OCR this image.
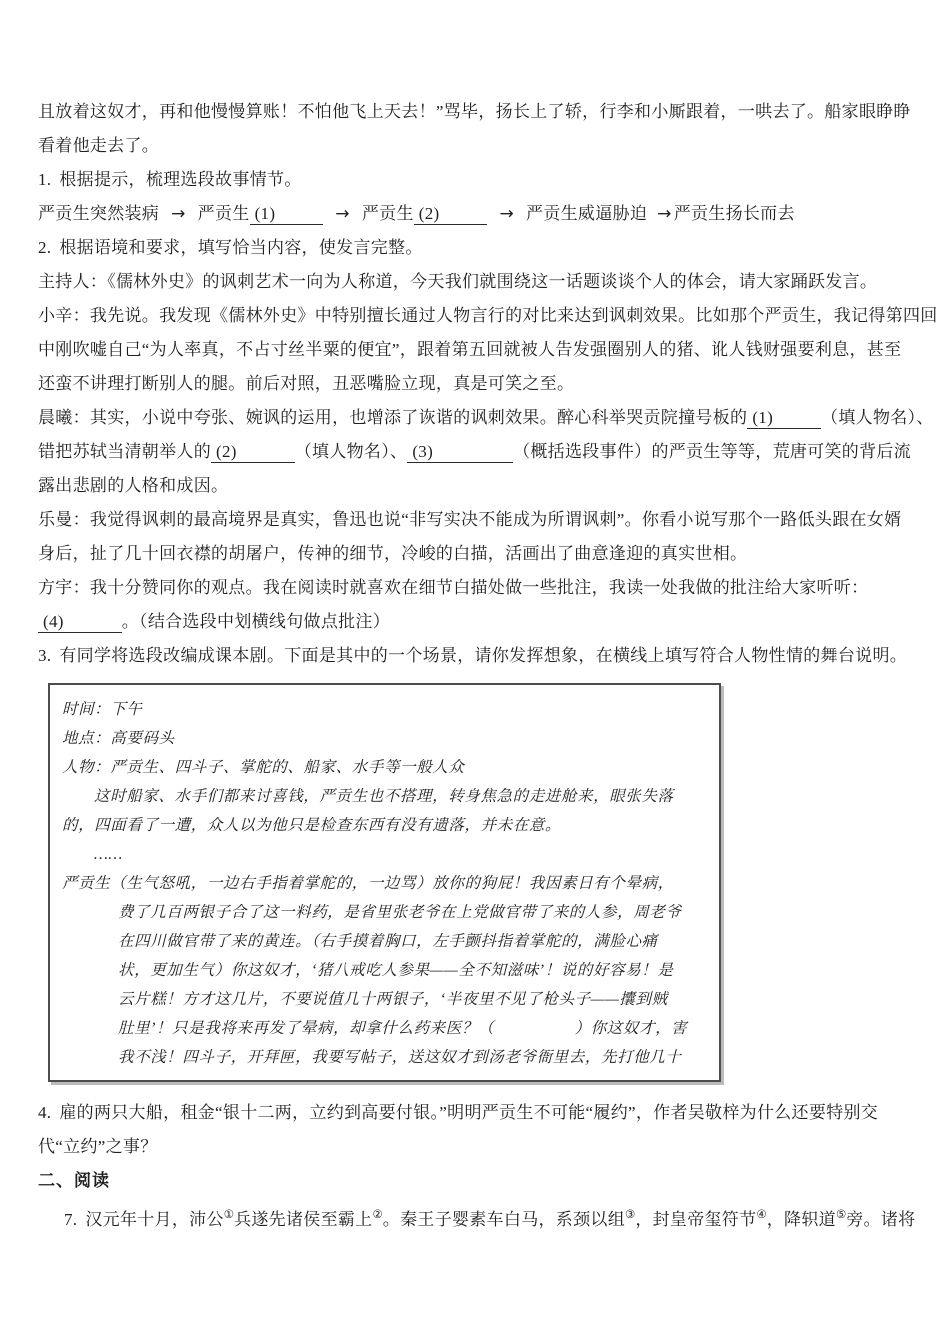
且放着这奴才，再和他慢慢算账！不怕他飞上天去！”骂毕，扬长上了轿，行李和小厮跟着，一哄去了。船家眼睁睁
看着他走去了。
1. 根据提示，梳理选段故事情节。
严贡生突然装病 → 严贡生 (1)	→ 严贡生 (2)	→ 严贡生威逼胁迫 → 严贡生扬长而去
2. 根据语境和要求，填写恰当内容，使发言完整。
主持人：《儒林外史》的讽刺艺术一向为人称道，今天我们就围绕这一话题谈谈个人的体会，请大家踊跃发言。
小辛：我先说。我发现《儒林外史》中特别擅长通过人物言行的对比来达到讽刺效果。比如那个严贡生，我记得第四回
中刚吹嘘自己“为人率真，不占寸丝半粟的便宜”，跟着第五回就被人告发强圈别人的猪、讹人钱财强要利息，甚至
还蛮不讲理打断别人的腿。前后对照，丑恶嘴脸立现，真是可笑之至。
晨曦：其实，小说中夸张、婉讽的运用，也增添了诙谐的讽刺效果。醉心科举哭贡院撞号板的 (1)	（填人物名）、
错把苏轼当清朝举人的 (2)	（填人物名）、 (3)	（概括选段事件）的严贡生等等，荒唐可笑的背后流
露出悲剧的人格和成因。
乐曼：我觉得讽刺的最高境界是真实，鲁迅也说“非写实决不能成为所谓讽刺”。你看小说写那个一路低头跟在女婿
身后，扯了几十回衣襟的胡屠户，传神的细节，冷峻的白描，活画出了曲意逢迎的真实世相。
方宇：我十分赞同你的观点。我在阅读时就喜欢在细节白描处做一些批注，我读一处我做的批注给大家听听：
(4)	。（结合选段中划横线句做点批注）
3. 有同学将选段改编成课本剧。下面是其中的一个场景，请你发挥想象，在横线上填写符合人物性情的舞台说明。
时间：下午
地点：高要码头
人物：严贡生、四斗子、掌舵的、船家、水手等一般人众
这时船家、水手们都来讨喜钱，严贡生也不搭理，转身焦急的走进舱来，眼张失落
的，四面看了一遭，众人以为他只是检查东西有没有遗落，并未在意。
……
严贡生（生气怒吼，一边右手指着掌舵的，一边骂）放你的狗屁！我因素日有个晕病，
费了几百两银子合了这一料药，是省里张老爷在上党做官带了来的人参，周老爷
在四川做官带了来的黄连。（右手摸着胸口，左手颤抖指着掌舵的，满脸心痛
状，更加生气）你这奴才，‘猪八戒吃人参果——全不知滋味’！说的好容易！是
云片糕！方才这几片，不要说值几十两银子，‘半夜里不见了枪头子——攮到贼
肚里’！只是我将来再发了晕病，却拿什么药来医？（　　　　　）你这奴才，害
我不浅！四斗子，开拜匣，我要写帖子，送这奴才到汤老爷衙里去，先打他几十
4. 雇的两只大船，租金“银十二两，立约到高要付银。”明明严贡生不可能“履约”，作者吴敬梓为什么还要特别交
代“立约”之事？
二、阅读
7. 汉元年十月，沛公①兵遂先诸侯至霸上②。秦王子婴素车白马，系颈以组③，封皇帝玺符节④，降轵道⑤旁。诸将
